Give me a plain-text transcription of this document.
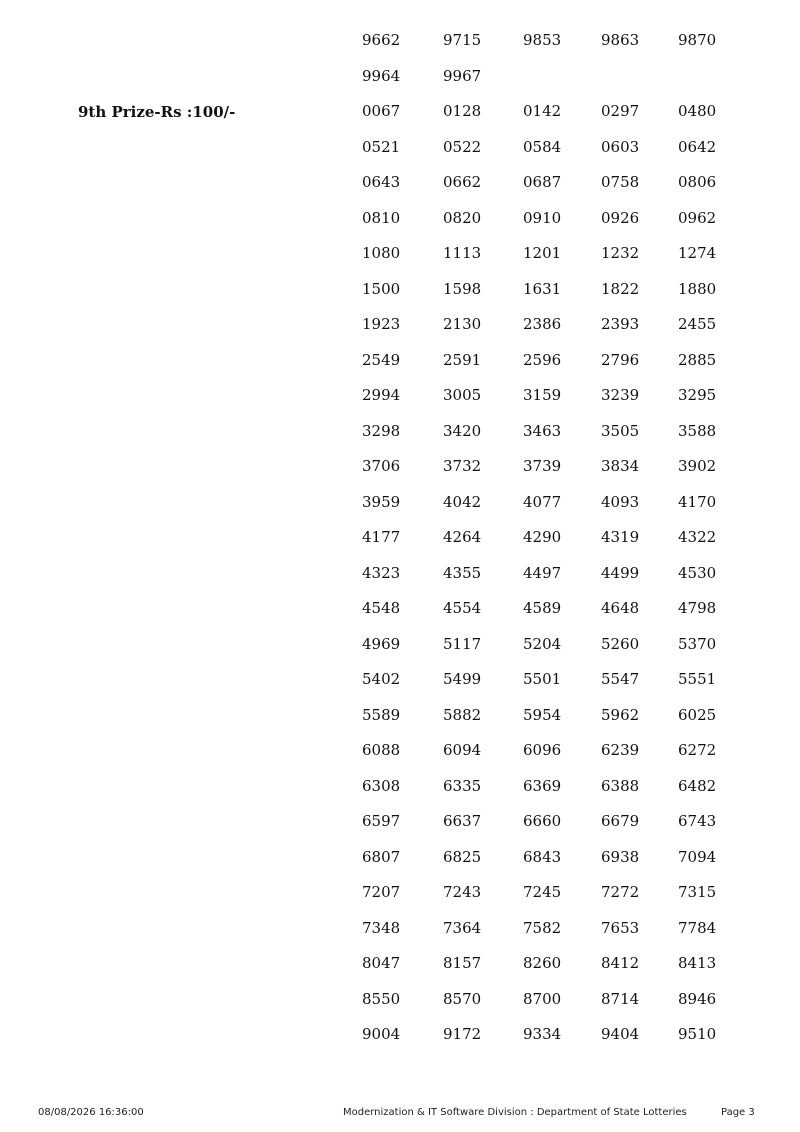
9th Prize-Rs :100/-
9662	9715	9853	9863	9870
9964	9967
0067	0128	0142	0297	0480
0521	0522	0584	0603	0642
0643	0662	0687	0758	0806
0810	0820	0910	0926	0962
1080	1113	1201	1232	1274
1500	1598	1631	1822	1880
1923	2130	2386	2393	2455
2549	2591	2596	2796	2885
2994	3005	3159	3239	3295
3298	3420	3463	3505	3588
3706	3732	3739	3834	3902
3959	4042	4077	4093	4170
4177	4264	4290	4319	4322
4323	4355	4497	4499	4530
4548	4554	4589	4648	4798
4969	5117	5204	5260	5370
5402	5499	5501	5547	5551
5589	5882	5954	5962	6025
6088	6094	6096	6239	6272
6308	6335	6369	6388	6482
6597	6637	6660	6679	6743
6807	6825	6843	6938	7094
7207	7243	7245	7272	7315
7348	7364	7582	7653	7784
8047	8157	8260	8412	8413
8550	8570	8700	8714	8946
9004	9172	9334	9404	9510
08/08/2026 16:36:00	Modernization & IT Software Division : Department of State Lotteries	Page 3
